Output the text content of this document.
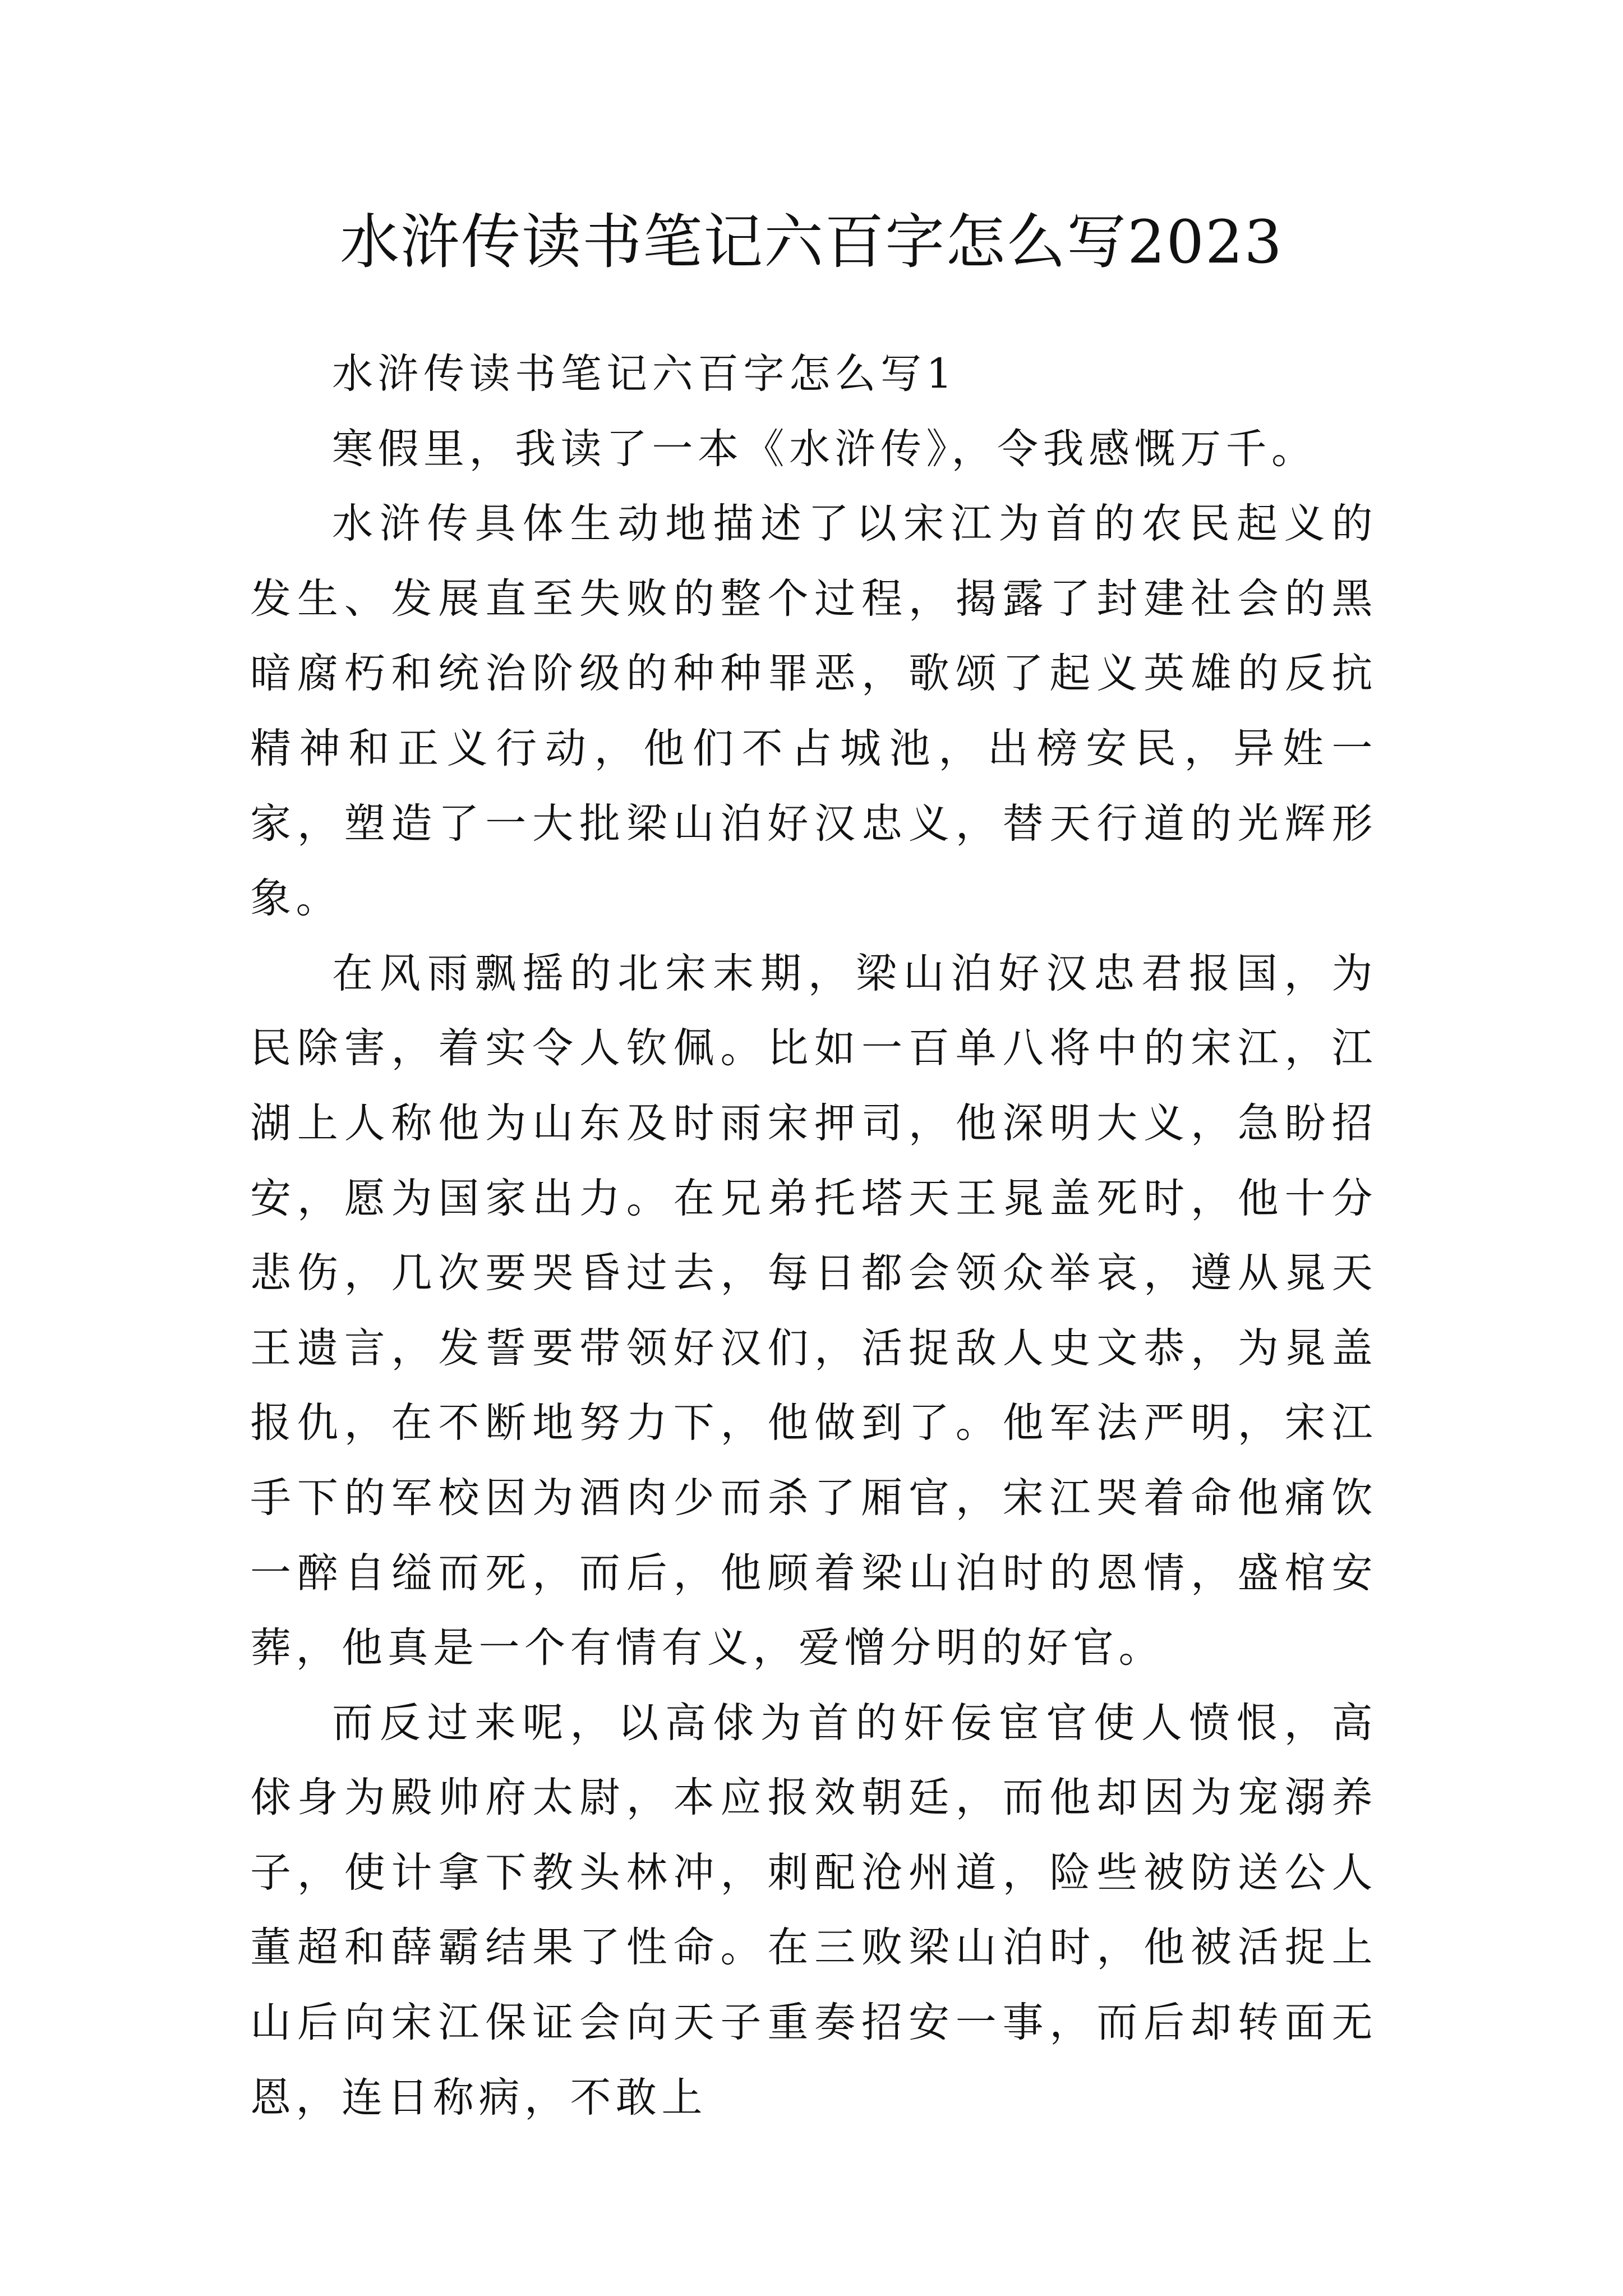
水浒传读书笔记六百字怎么写2023

水浒传读书笔记六百字怎么写1

寒假里，我读了一本《水浒传》，令我感慨万千。

水浒传具体生动地描述了以宋江为首的农民起义的发生、发展直至失败的整个过程，揭露了封建社会的黑暗腐朽和统治阶级的种种罪恶，歌颂了起义英雄的反抗精神和正义行动，他们不占城池，出榜安民，异姓一家，塑造了一大批梁山泊好汉忠义，替天行道的光辉形象。

在风雨飘摇的北宋末期，梁山泊好汉忠君报国，为民除害，着实令人钦佩。比如一百单八将中的宋江，江湖上人称他为山东及时雨宋押司，他深明大义，急盼招安，愿为国家出力。在兄弟托塔天王晁盖死时，他十分悲伤，几次要哭昏过去，每日都会领众举哀，遵从晁天王遗言，发誓要带领好汉们，活捉敌人史文恭，为晁盖报仇，在不断地努力下，他做到了。他军法严明，宋江手下的军校因为酒肉少而杀了厢官，宋江哭着命他痛饮一醉自缢而死，而后，他顾着梁山泊时的恩情，盛棺安葬，他真是一个有情有义，爱憎分明的好官。

而反过来呢，以高俅为首的奸佞宦官使人愤恨，高俅身为殿帅府太尉，本应报效朝廷，而他却因为宠溺养子，使计拿下教头林冲，刺配沧州道，险些被防送公人董超和薛霸结果了性命。在三败梁山泊时，他被活捉上山后向宋江保证会向天子重奏招安一事，而后却转面无恩，连日称病，不敢上
